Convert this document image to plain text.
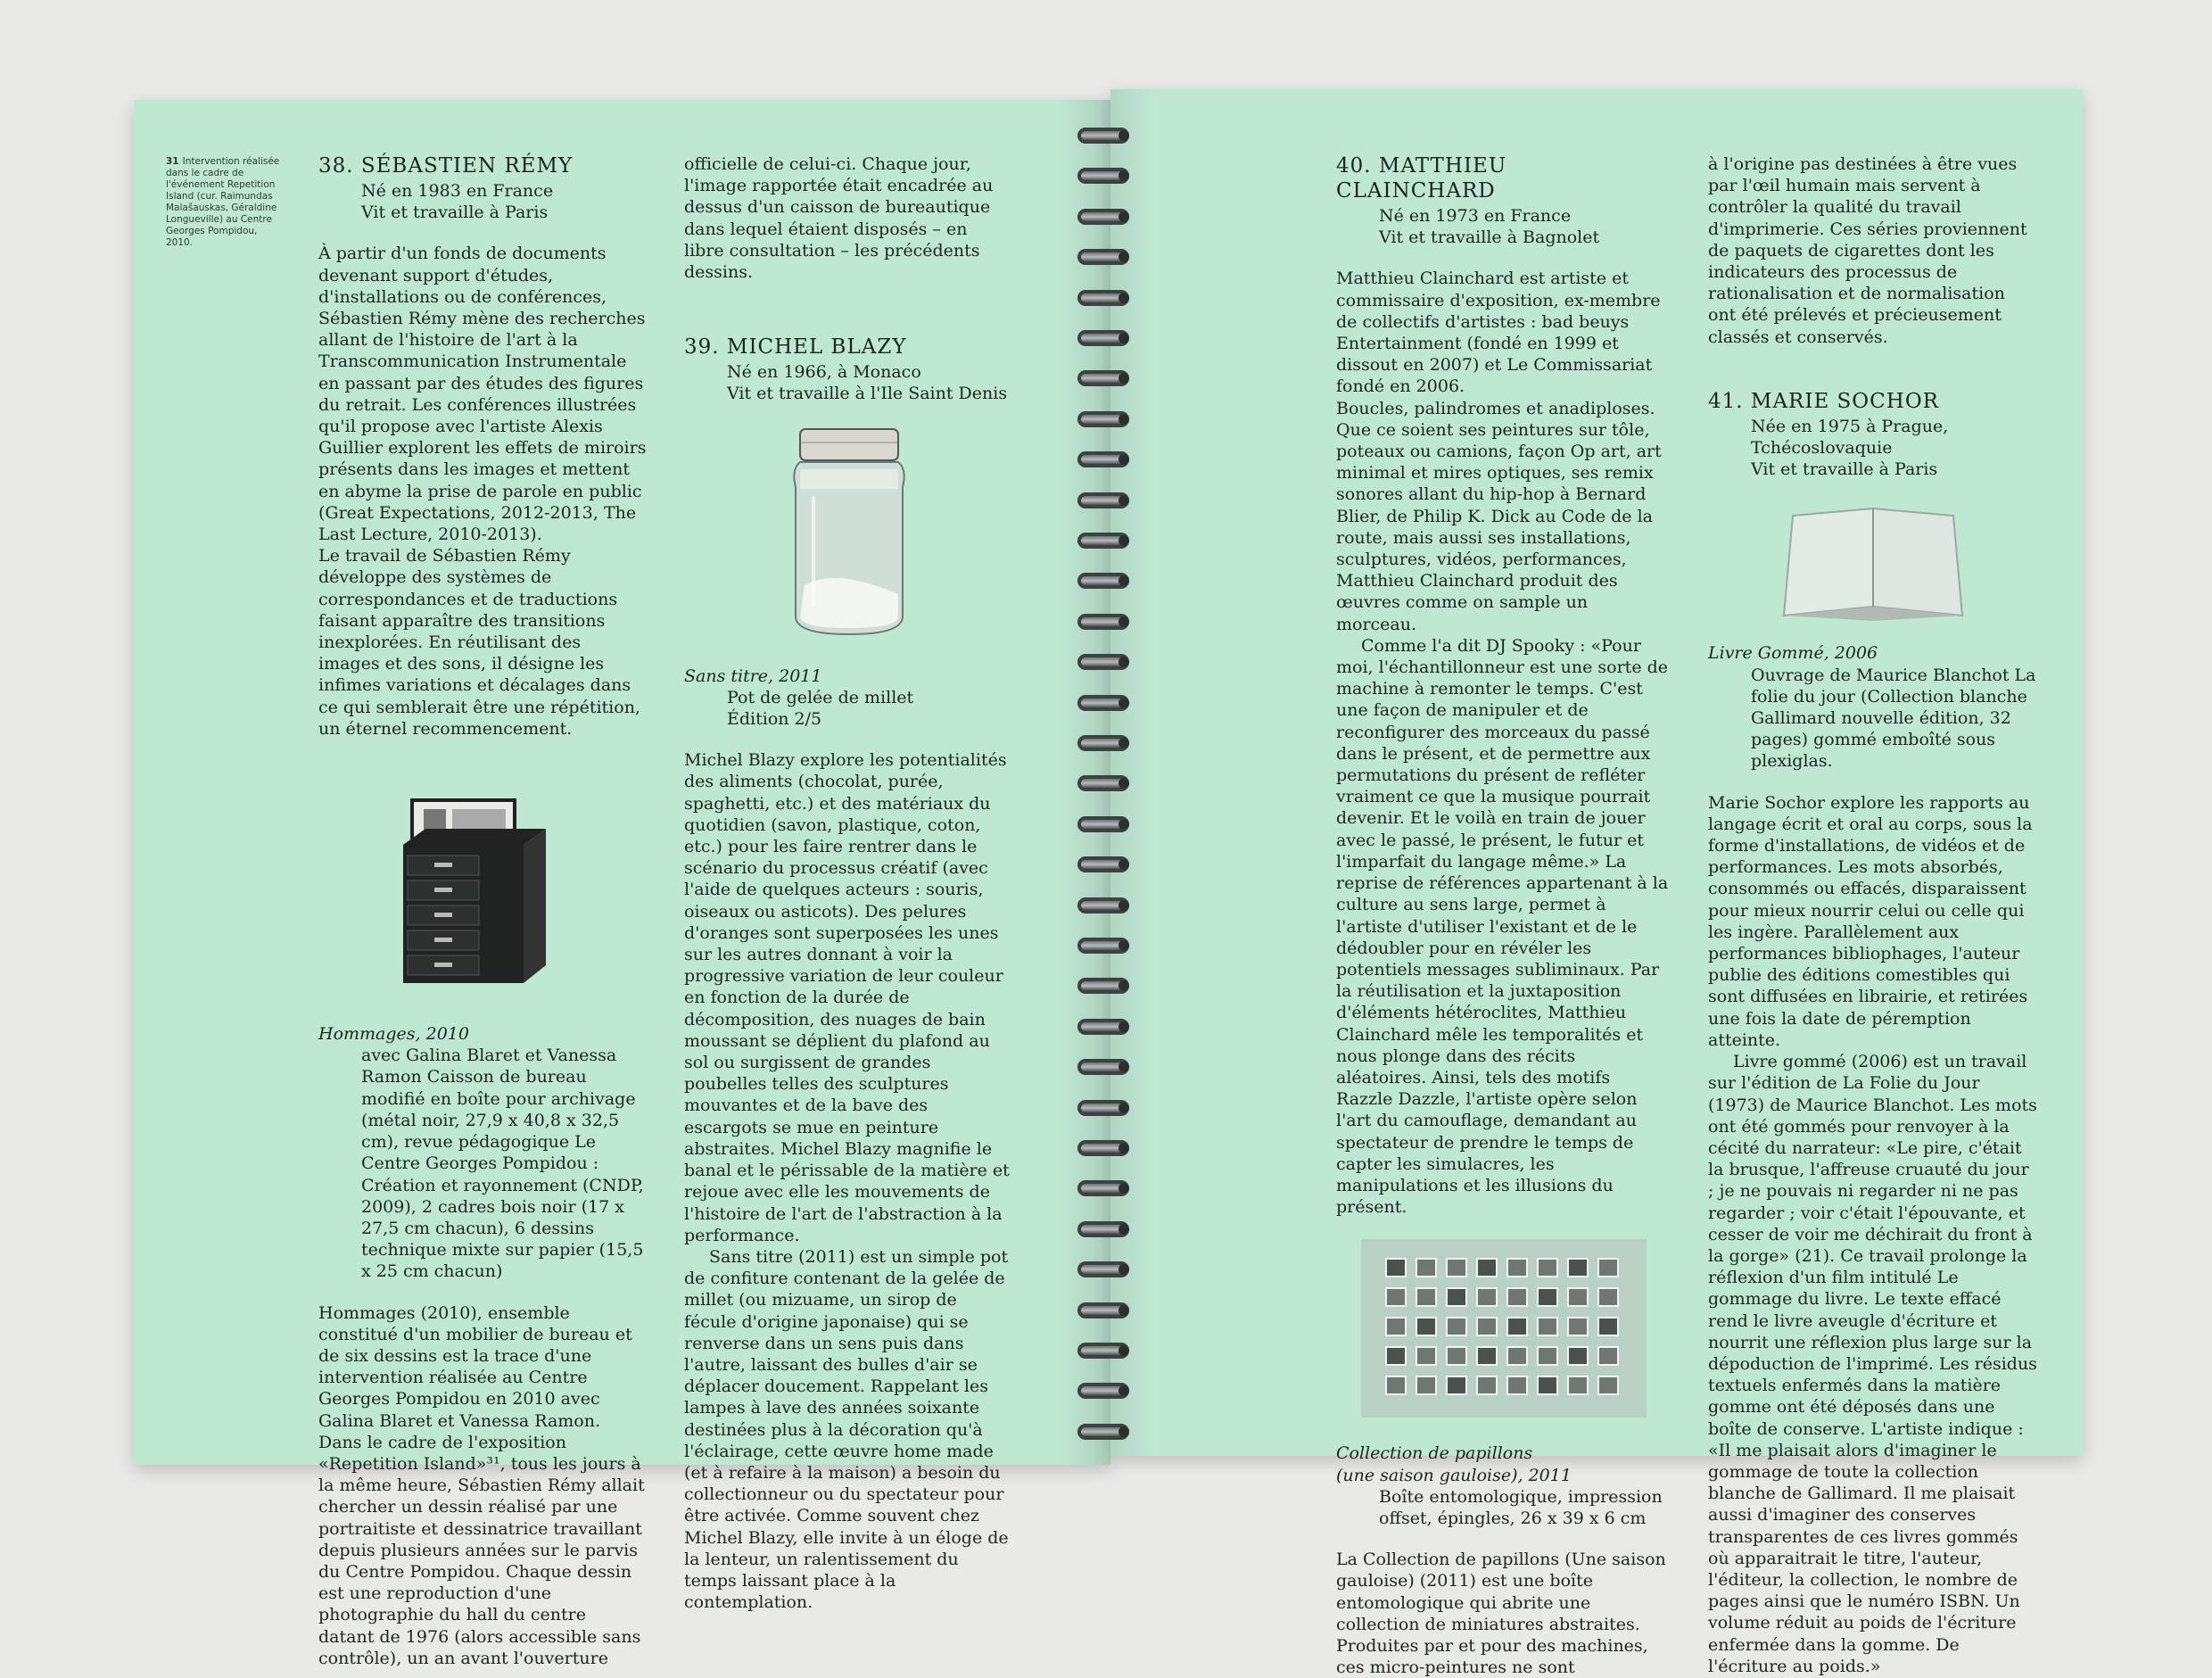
31 Intervention réalisée dans le cadre de l'événement Repetition Island (cur. Raimundas Malašauskas, Géraldine Longueville) au Centre Georges Pompidou, 2010.
38. SÉBASTIEN RÉMY
Né en 1983 en France
Vit et travaille à Paris

À partir d'un fonds de documents devenant support d'études, d'installations ou de conférences, Sébastien Rémy mène des recherches allant de l'histoire de l'art à la Transcommunication Instrumentale en passant par des études des figures du retrait. Les conférences illustrées qu'il propose avec l'artiste Alexis Guillier explorent les effets de miroirs présents dans les images et mettent en abyme la prise de parole en public (Great Expectations, 2012-2013, The Last Lecture, 2010-2013).

Le travail de Sébastien Rémy développe des systèmes de correspondances et de traductions faisant apparaître des transitions inexplorées. En réutilisant des images et des sons, il désigne les infimes variations et décalages dans ce qui semblerait être une répétition, un éternel recommencement.

Hommages, 2010
avec Galina Blaret et Vanessa Ramon Caisson de bureau modifié en boîte pour archivage (métal noir, 27,9 x 40,8 x 32,5 cm), revue pédagogique Le Centre Georges Pompidou : Création et rayonnement (CNDP, 2009), 2 cadres bois noir (17 x 27,5 cm chacun), 6 dessins technique mixte sur papier (15,5 x 25 cm chacun)

Hommages (2010), ensemble constitué d'un mobilier de bureau et de six dessins est la trace d'une intervention réalisée au Centre Georges Pompidou en 2010 avec Galina Blaret et Vanessa Ramon. Dans le cadre de l'exposition «Repetition Island»³¹, tous les jours à la même heure, Sébastien Rémy allait chercher un dessin réalisé par une portraitiste et dessinatrice travaillant depuis plusieurs années sur le parvis du Centre Pompidou. Chaque dessin est une reproduction d'une photographie du hall du centre datant de 1976 (alors accessible sans contrôle), un an avant l'ouverture

officielle de celui-ci. Chaque jour, l'image rapportée était encadrée au dessus d'un caisson de bureautique dans lequel étaient disposés – en libre consultation – les précédents dessins.

39. MICHEL BLAZY
Né en 1966, à Monaco
Vit et travaille à l'Ile Saint Denis
Sans titre, 2011
Pot de gelée de millet
Édition 2/5

Michel Blazy explore les potentialités des aliments (chocolat, purée, spaghetti, etc.) et des matériaux du quotidien (savon, plastique, coton, etc.) pour les faire rentrer dans le scénario du processus créatif (avec l'aide de quelques acteurs : souris, oiseaux ou asticots). Des pelures d'oranges sont superposées les unes sur les autres donnant à voir la progressive variation de leur couleur en fonction de la durée de décomposition, des nuages de bain moussant se déplient du plafond au sol ou surgissent de grandes poubelles telles des sculptures mouvantes et de la bave des escargots se mue en peinture abstraites. Michel Blazy magnifie le banal et le périssable de la matière et rejoue avec elle les mouvements de l'histoire de l'art de l'abstraction à la performance.

Sans titre (2011) est un simple pot de confiture contenant de la gelée de millet (ou mizuame, un sirop de fécule d'origine japonaise) qui se renverse dans un sens puis dans l'autre, laissant des bulles d'air se déplacer doucement. Rappelant les lampes à lave des années soixante destinées plus à la décoration qu'à l'éclairage, cette œuvre home made (et à refaire à la maison) a besoin du collectionneur ou du spectateur pour être activée. Comme souvent chez Michel Blazy, elle invite à un éloge de la lenteur, un ralentissement du temps laissant place à la contemplation.

40. MATTHIEU CLAINCHARD
Né en 1973 en France
Vit et travaille à Bagnolet

Matthieu Clainchard est artiste et commissaire d'exposition, ex-membre de collectifs d'artistes : bad beuys Entertainment (fondé en 1999 et dissout en 2007) et Le Commissariat fondé en 2006.

Boucles, palindromes et anadiploses. Que ce soient ses peintures sur tôle, poteaux ou camions, façon Op art, art minimal et mires optiques, ses remix sonores allant du hip-hop à Bernard Blier, de Philip K. Dick au Code de la route, mais aussi ses installations, sculptures, vidéos, performances, Matthieu Clainchard produit des œuvres comme on sample un morceau.

Comme l'a dit DJ Spooky : «Pour moi, l'échantillonneur est une sorte de machine à remonter le temps. C'est une façon de manipuler et de reconfigurer des morceaux du passé dans le présent, et de permettre aux permutations du présent de refléter vraiment ce que la musique pourrait devenir. Et le voilà en train de jouer avec le passé, le présent, le futur et l'imparfait du langage même.» La reprise de références appartenant à la culture au sens large, permet à l'artiste d'utiliser l'existant et de le dédoubler pour en révéler les potentiels messages subliminaux. Par la réutilisation et la juxtaposition d'éléments hétéroclites, Matthieu Clainchard mêle les temporalités et nous plonge dans des récits aléatoires. Ainsi, tels des motifs Razzle Dazzle, l'artiste opère selon l'art du camouflage, demandant au spectateur de prendre le temps de capter les simulacres, les manipulations et les illusions du présent.

Collection de papillons
(une saison gauloise), 2011
Boîte entomologique, impression offset, épingles, 26 x 39 x 6 cm

La Collection de papillons (Une saison gauloise) (2011) est une boîte entomologique qui abrite une collection de miniatures abstraites. Produites par et pour des machines, ces micro-peintures ne sont

à l'origine pas destinées à être vues par l'œil humain mais servent à contrôler la qualité du travail d'imprimerie. Ces séries proviennent de paquets de cigarettes dont les indicateurs des processus de rationalisation et de normalisation ont été prélevés et précieusement classés et conservés.

41. MARIE SOCHOR
Née en 1975 à Prague,
Tchécoslovaquie
Vit et travaille à Paris
Livre Gommé, 2006
Ouvrage de Maurice Blanchot La folie du jour (Collection blanche Gallimard nouvelle édition, 32 pages) gommé emboîté sous plexiglas.

Marie Sochor explore les rapports au langage écrit et oral au corps, sous la forme d'installations, de vidéos et de performances. Les mots absorbés, consommés ou effacés, disparaissent pour mieux nourrir celui ou celle qui les ingère. Parallèlement aux performances bibliophages, l'auteur publie des éditions comestibles qui sont diffusées en librairie, et retirées une fois la date de péremption atteinte.

Livre gommé (2006) est un travail sur l'édition de La Folie du Jour (1973) de Maurice Blanchot. Les mots ont été gommés pour renvoyer à la cécité du narrateur: «Le pire, c'était la brusque, l'affreuse cruauté du jour ; je ne pouvais ni regarder ni ne pas regarder ; voir c'était l'épouvante, et cesser de voir me déchirait du front à la gorge» (21). Ce travail prolonge la réflexion d'un film intitulé Le gommage du livre. Le texte effacé rend le livre aveugle d'écriture et nourrit une réflexion plus large sur la dépoduction de l'imprimé. Les résidus textuels enfermés dans la matière gomme ont été déposés dans une boîte de conserve. L'artiste indique : «Il me plaisait alors d'imaginer le gommage de toute la collection blanche de Gallimard. Il me plaisait aussi d'imaginer des conserves transparentes de ces livres gommés où apparaitrait le titre, l'auteur, l'éditeur, la collection, le nombre de pages ainsi que le numéro ISBN. Un volume réduit au poids de l'écriture enfermée dans la gomme. De l'écriture au poids.»
